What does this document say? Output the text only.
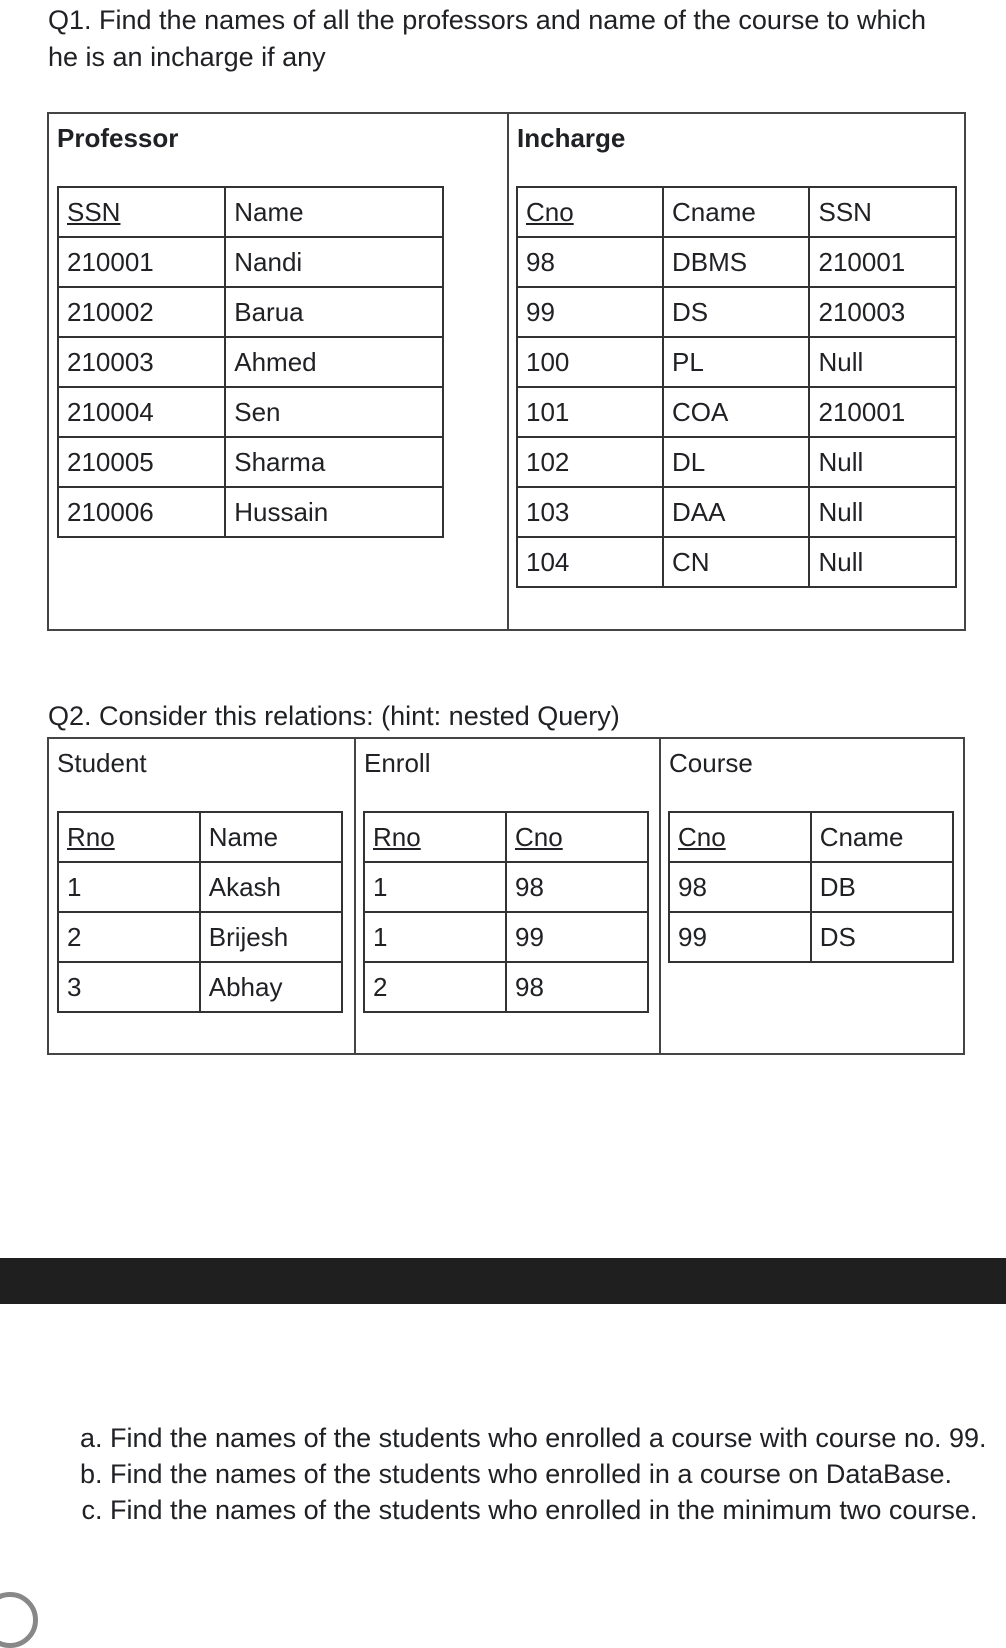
Q1. Find the names of all the professors and name of the course to which he is an incharge if any
Professor
SSN	Name
210001	Nandi
210002	Barua
210003	Ahmed
210004	Sen
210005	Sharma
210006	Hussain
Incharge
Cno	Cname	SSN
98	DBMS	210001
99	DS	210003
100	PL	Null
101	COA	210001
102	DL	Null
103	DAA	Null
104	CN	Null
Q2. Consider this relations: (hint: nested Query)
Student
Rno	Name
1	Akash
2	Brijesh
3	Abhay
Enroll
Rno	Cno
1	98
1	99
2	98
Course
Cno	Cname
98	DB
99	DS
a. Find the names of the students who enrolled a course with course no. 99.
b. Find the names of the students who enrolled in a course on DataBase.
c. Find the names of the students who enrolled in the minimum two course.
